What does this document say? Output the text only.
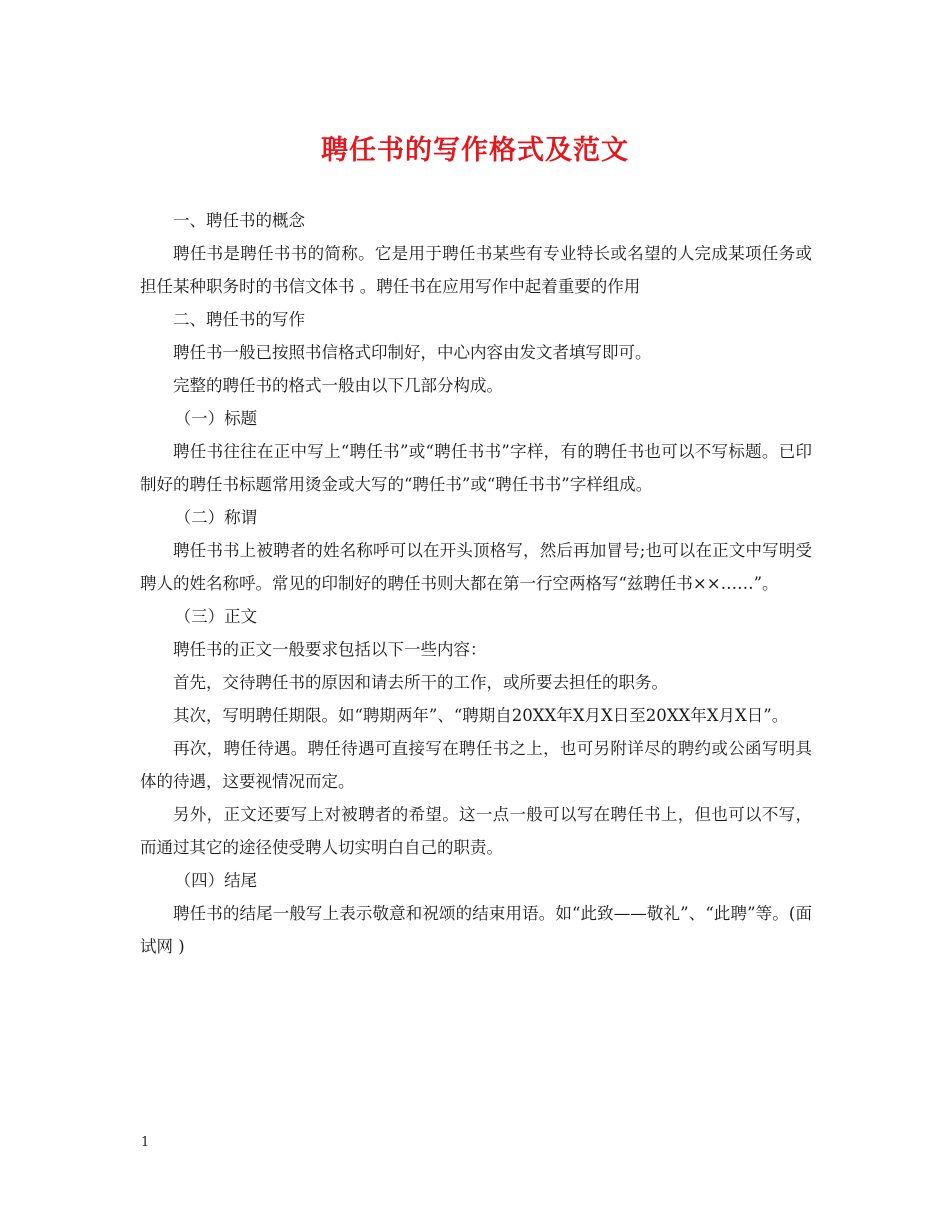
聘任书的写作格式及范文

一、聘任书的概念

聘任书是聘任书书的简称。它是用于聘任书某些有专业特长或名望的人完成某项任务或担任某种职务时的书信文体书 。聘任书在应用写作中起着重要的作用

二、聘任书的写作

聘任书一般已按照书信格式印制好，中心内容由发文者填写即可。

完整的聘任书的格式一般由以下几部分构成。

（一）标题

聘任书往往在正中写上“聘任书”或“聘任书书”字样，有的聘任书也可以不写标题。已印制好的聘任书标题常用烫金或大写的“聘任书”或“聘任书书”字样组成。

（二）称谓

聘任书书上被聘者的姓名称呼可以在开头顶格写，然后再加冒号;也可以在正文中写明受聘人的姓名称呼。常见的印制好的聘任书则大都在第一行空两格写“兹聘任书××……”。

（三）正文

聘任书的正文一般要求包括以下一些内容：

首先，交待聘任书的原因和请去所干的工作，或所要去担任的职务。

其次，写明聘任期限。如“聘期两年”、“聘期自20XX年X月X日至20XX年X月X日”。

再次，聘任待遇。聘任待遇可直接写在聘任书之上，也可另附详尽的聘约或公函写明具体的待遇，这要视情况而定。

另外，正文还要写上对被聘者的希望。这一点一般可以写在聘任书上，但也可以不写，而通过其它的途径使受聘人切实明白自己的职责。

（四）结尾

聘任书的结尾一般写上表示敬意和祝颂的结束用语。如“此致——敬礼”、“此聘”等。(面试网 )

1
